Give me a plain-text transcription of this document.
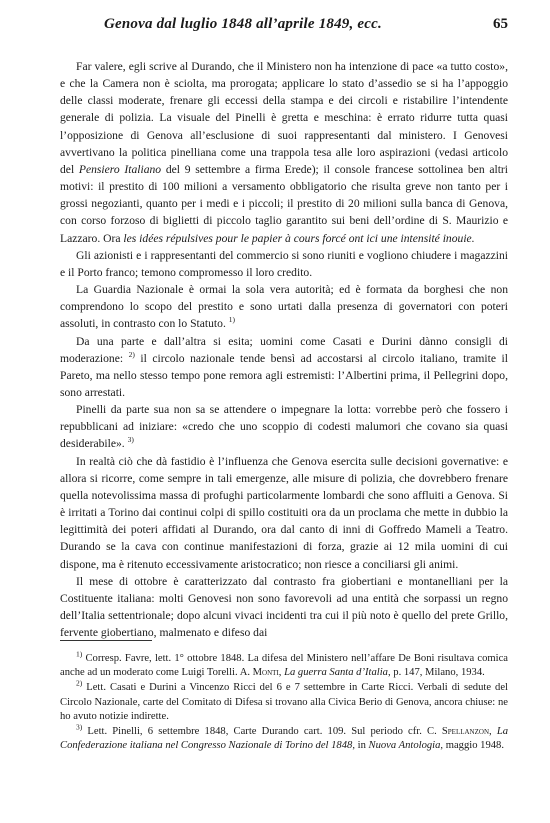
Genova dal luglio 1848 all’aprile 1849, ecc.	65

Far valere, egli scrive al Durando, che il Ministero non ha intenzione di pace «a tutto costo», e che la Camera non è sciolta, ma prorogata; applicare lo stato d’assedio se si ha l’appoggio delle classi moderate, frenare gli eccessi della stampa e dei circoli e ristabilire l’intendente generale di polizia. La visuale del Pinelli è gretta e meschina: è errato ridurre tutta quasi l’opposizione di Genova all’esclusione di suoi rappresentanti dal ministero. I Genovesi avvertivano la politica pinelliana come una trappola tesa alle loro aspirazioni (vedasi articolo del Pensiero Italiano del 9 settembre a firma Erede); il console francese sottolinea ben altri motivi: il prestito di 100 milioni a versamento obbligatorio che risulta greve non tanto per i grossi negozianti, quanto per i medi e i piccoli; il prestito di 20 milioni sulla banca di Genova, con corso forzoso di biglietti di piccolo taglio garantito sui beni dell’ordine di S. Maurizio e Lazzaro. Ora les idées répulsives pour le papier à cours forcé ont ici une intensité inouie.

Gli azionisti e i rappresentanti del commercio si sono riuniti e vogliono chiudere i magazzini e il Porto franco; temono compromesso il loro credito.

La Guardia Nazionale è ormai la sola vera autorità; ed è formata da borghesi che non comprendono lo scopo del prestito e sono urtati dalla presenza di governatori con poteri assoluti, in contrasto con lo Statuto. $^{1)}$

Da una parte e dall’altra si esita; uomini come Casati e Durini dànno consigli di moderazione: $^{2)}$ il circolo nazionale tende bensì ad accostarsi al circolo italiano, tramite il Pareto, ma nello stesso tempo pone remora agli estremisti: l’Albertini prima, il Pellegrini dopo, sono arrestati.

Pinelli da parte sua non sa se attendere o impegnare la lotta: vorrebbe però che fossero i repubblicani ad iniziare: «credo che uno scoppio di codesti malumori che covano sia quasi desiderabile». $^{3)}$

In realtà ciò che dà fastidio è l’influenza che Genova esercita sulle decisioni governative: e allora si ricorre, come sempre in tali emergenze, alle misure di polizia, che dovrebbero frenare quella notevolissima massa di profughi particolarmente lombardi che sono affluiti a Genova. Si è irritati a Torino dai continui colpi di spillo costituiti ora da un proclama che mette in dubbio la legittimità dei poteri affidati al Durando, ora dal canto di inni di Goffredo Mameli a Teatro. Durando se la cava con continue manifestazioni di forza, grazie ai 12 mila uomini di cui dispone, ma è ritenuto eccessivamente aristocratico; non riesce a conciliarsi gli animi.

Il mese di ottobre è caratterizzato dal contrasto fra giobertiani e montanelliani per la Costituente italiana: molti Genovesi non sono favorevoli ad una entità che sorpassi un regno dell’Italia settentrionale; dopo alcuni vivaci incidenti tra cui il più noto è quello del prete Grillo, fervente giobertiano, malmenato e difeso dai

$^{1)}$ Corresp. Favre, lett. 1° ottobre 1848. La difesa del Ministero nell’affare De Boni risultava comica anche ad un moderato come Luigi Torelli. A. Monti, La guerra Santa d’Italia, p. 147, Milano, 1934.

$^{2)}$ Lett. Casati e Durini a Vincenzo Ricci del 6 e 7 settembre in Carte Ricci. Verbali di sedute del Circolo Nazionale, carte del Comitato di Difesa si trovano alla Civica Berio di Genova, ancora chiuse: ne ho avuto notizie indirette.

$^{3)}$ Lett. Pinelli, 6 settembre 1848, Carte Durando cart. 109. Sul periodo cfr. C. Spellanzon, La Confederazione italiana nel Congresso Nazionale di Torino del 1848, in Nuova Antologia, maggio 1948.
